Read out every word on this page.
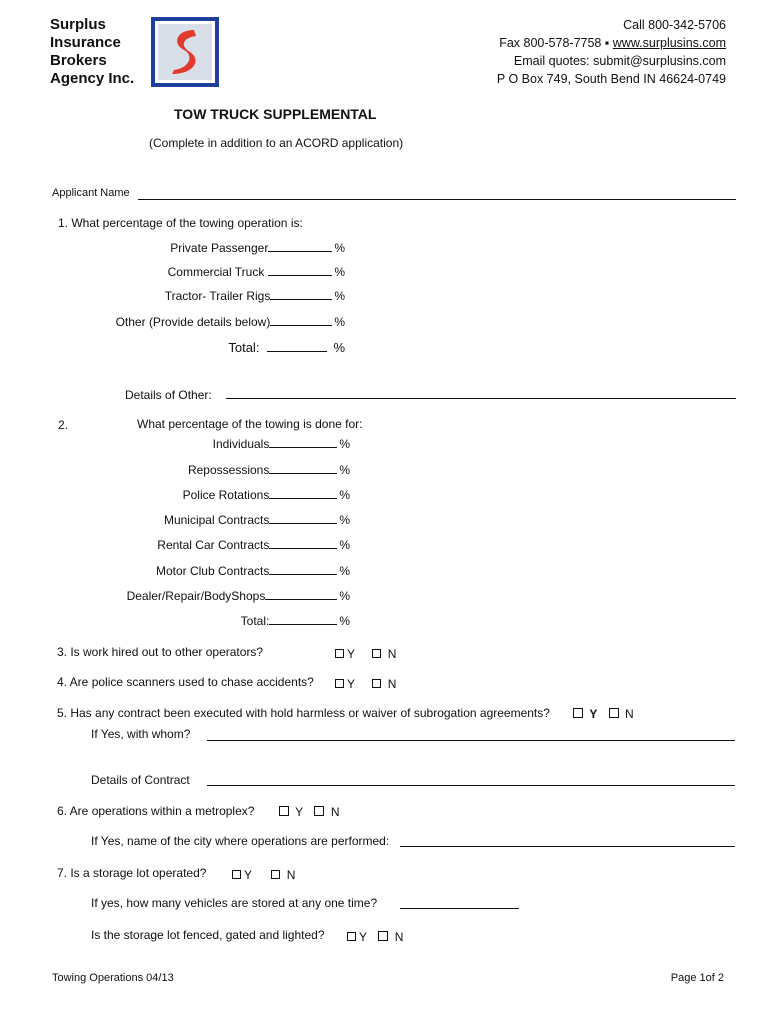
Surplus
Insurance
Brokers
Agency Inc.
Call 800-342-5706
Fax 800-578-7758 ▪ www.surplusins.com
Email quotes: submit@surplusins.com
P O Box 749, South Bend IN 46624-0749
TOW TRUCK SUPPLEMENTAL
(Complete in addition to an ACORD application)
Applicant Name
1. What percentage of the towing operation is:
Private Passenger	%
Commercial Truck	%
Tractor- Trailer Rigs	%
Other (Provide details below)	%
Total:	%
Details of Other:
2.	What percentage of the towing is done for:
Individuals	%
Repossessions	%
Police Rotations	%
Municipal Contracts	%
Rental Car Contracts	%
Motor Club Contracts	%
Dealer/Repair/BodyShops	%
Total:	%
3. Is work hired out to other operators?	Y	N
4. Are police scanners used to chase accidents?	Y	N
5. Has any contract been executed with hold harmless or waiver of subrogation agreements?	Y N
If Yes, with whom?
Details of Contract
6. Are operations within a metroplex?	Y N
If Yes, name of the city where operations are performed:
7. Is a storage lot operated?	Y	N
If yes, how many vehicles are stored at any one time?
Is the storage lot fenced, gated and lighted?	Y N
Towing Operations 04/13	Page 1of 2
